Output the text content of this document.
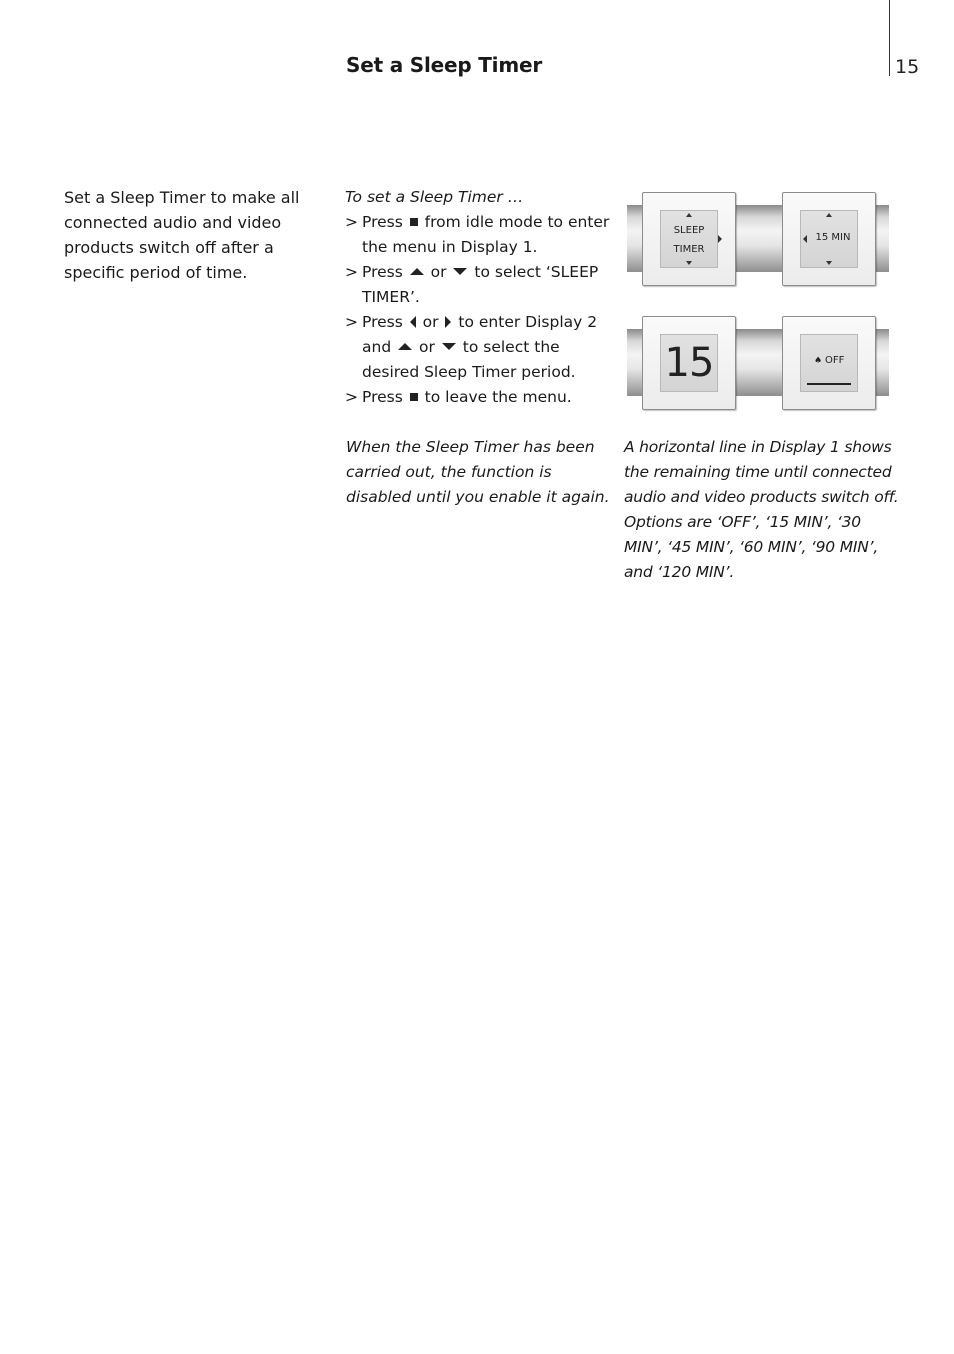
15
Set a Sleep Timer

Set a Sleep Timer to make all connected audio and video products switch off after a specific period of time.

To set a Sleep Timer …

> Press from idle mode to enter the menu in Display 1.
> Press or to select ‘SLEEP TIMER’.
> Press or to enter Display 2 and or to select the desired Sleep Timer period.
> Press to leave the menu.

When the Sleep Timer has been carried out, the function is disabled until you enable it again.

A horizontal line in Display 1 shows the remaining time until connected audio and video products switch off. Options are ‘OFF’, ‘15 MIN’, ‘30 MIN’, ‘45 MIN’, ‘60 MIN’, ‘90 MIN’, and ‘120 MIN’.

SLEEP
TIMER
15 MIN
15	♠ OFF
